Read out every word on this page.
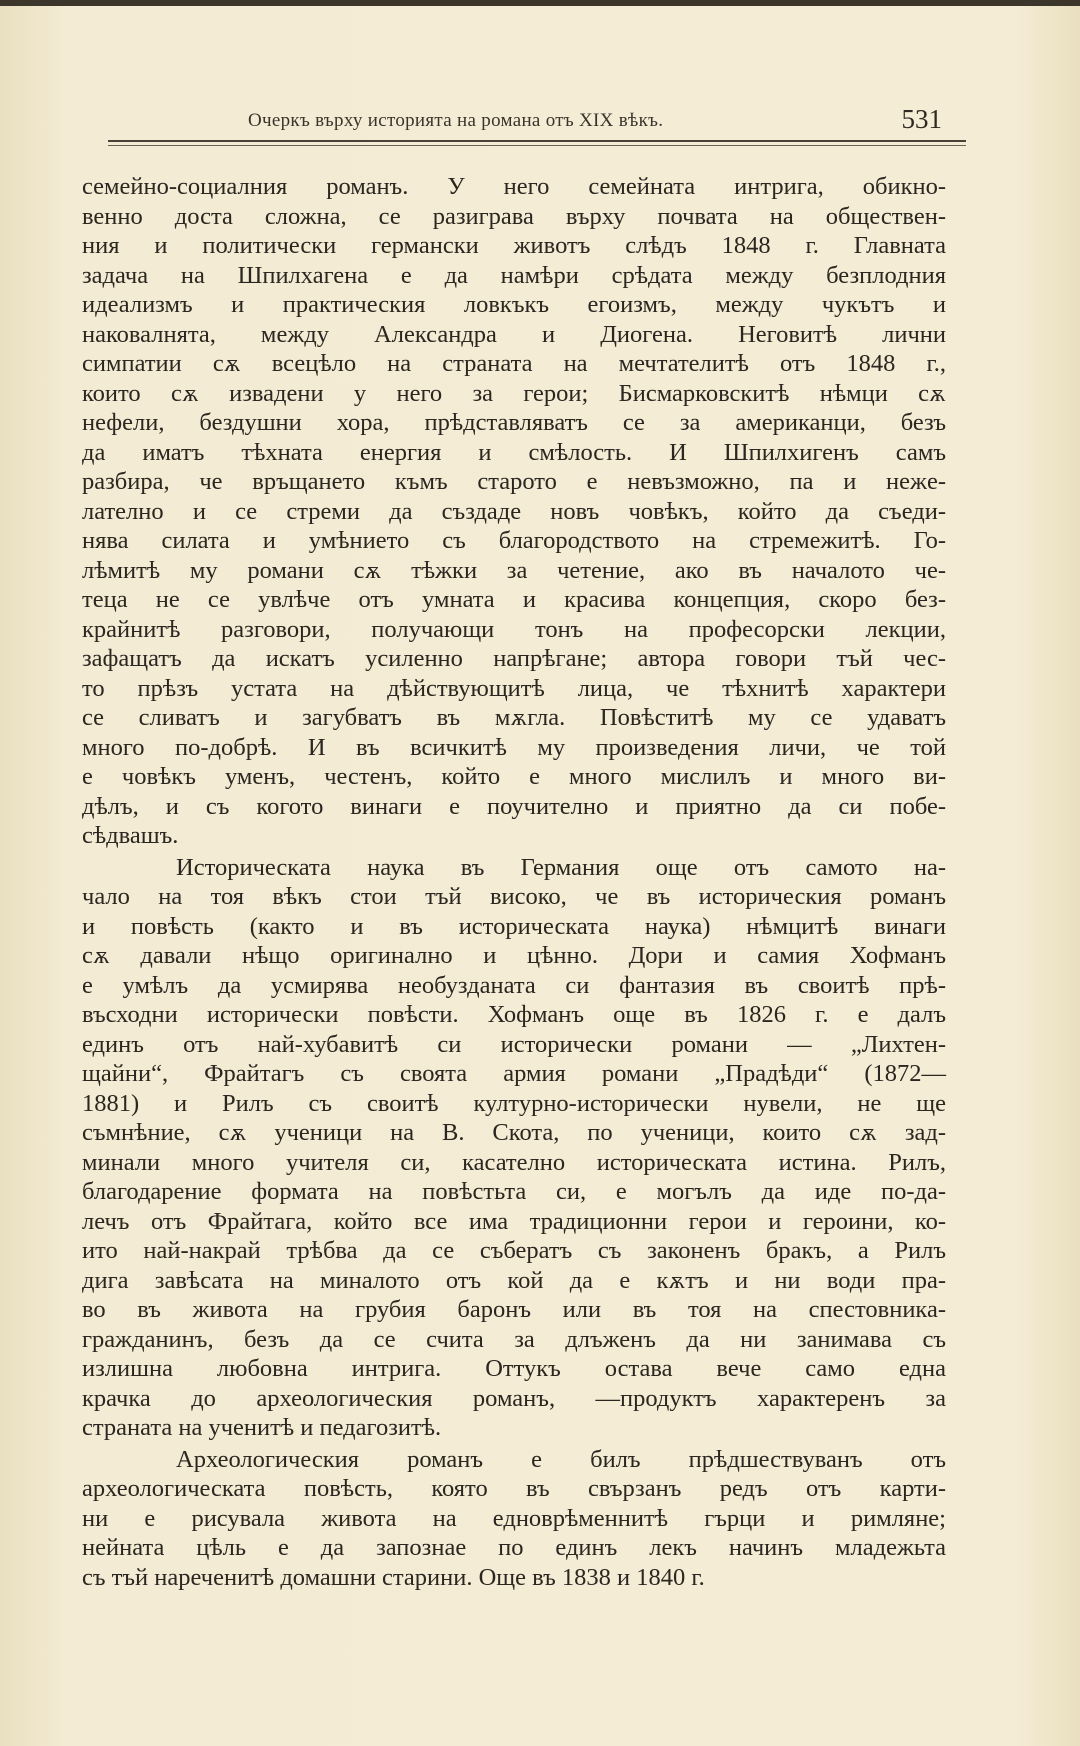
Очеркъ върху историята на романа отъ XIX вѣкъ.	531
семейно-социалния романъ. У него семейната интрига, обикно-
венно доста сложна, се разиграва върху почвата на обществен-
ния и политически германски животъ слѣдъ 1848 г. Главната
задача на Шпилхагена е да намѣри срѣдата между безплодния
идеализмъ и практическия ловкъкъ егоизмъ, между чукътъ и
наковалнята, между Александра и Диогена. Неговитѣ лични
симпатии сѫ всецѣло на страната на мечтателитѣ отъ 1848 г.,
които сѫ извадени у него за герои; Бисмарковскитѣ нѣмци сѫ
нефели, бездушни хора, прѣдставляватъ се за американци, безъ
да иматъ тѣхната енергия и смѣлость. И Шпилхигенъ самъ
разбира, че връщането къмъ старото е невъзможно, па и нежe-
лателно и се стреми да създаде новъ човѣкъ, който да съеди-
нява силата и умѣнието съ благородството на стремежитѣ. Го-
лѣмитѣ му романи сѫ тѣжки за четение, ако въ началото че-
теца не се увлѣче отъ умната и красива концепция, скоро без-
крайнитѣ разговори, получающи тонъ на професорски лекции,
зафащатъ да искатъ усиленно напрѣгане; автора говори тъй чес-
то прѣзъ устата на дѣйствующитѣ лица, че тѣхнитѣ характери
се сливатъ и загубватъ въ мѫгла. Повѣститѣ му се удаватъ
много по-добрѣ. И въ всичкитѣ му произведения личи, че той
е човѣкъ уменъ, честенъ, който е много мислилъ и много ви-
дѣлъ, и съ когото винаги е поучително и приятно да си побе-
сѣдвашъ.
Историческата наука въ Германия още отъ самото на-
чало на тоя вѣкъ стои тъй високо, че въ историческия романъ
и повѣсть (както и въ историческата наука) нѣмцитѣ винаги
сѫ давали нѣщо оригинално и цѣнно. Дори и самия Хофманъ
е умѣлъ да усмирява необузданата си фантазия въ своитѣ прѣ-
въсходни исторически повѣсти. Хофманъ още въ 1826 г. е далъ
единъ отъ най-хубавитѣ си исторически романи — „Лихтен-
щайни“, Фрайтагъ съ своята армия романи „Прадѣди“ (1872—
1881) и Рилъ съ своитѣ културно-исторически нувели, не ще
съмнѣние, сѫ ученици на В. Скота, по ученици, които сѫ зад-
минали много учителя си, касателно историческата истина. Рилъ,
благодарение формата на повѣстьта си, е могълъ да иде по-да-
лечъ отъ Фрайтага, който все има традиционни герои и героини, ко-
ито най-накрай трѣбва да се събератъ съ законенъ бракъ, а Рилъ
дига завѣсата на миналото отъ кой да е кѫтъ и ни води пра-
во въ живота на грубия баронъ или въ тоя на спестовника-
гражданинъ, безъ да се счита за длъженъ да ни занимава съ
излишна любовна интрига. Оттукъ остава вече само една
крачка до археологическия романъ, —продуктъ характеренъ за
страната на ученитѣ и педагозитѣ.
Археологическия романъ е билъ прѣдшествуванъ отъ
археологическата повѣсть, която въ свързанъ редъ отъ карти-
ни е рисувала живота на едноврѣменнитѣ гърци и римляне;
нейната цѣль е да запознае по единъ лекъ начинъ младежьта
съ тъй наречeнитѣ домашни старини. Още въ 1838 и 1840 г.
